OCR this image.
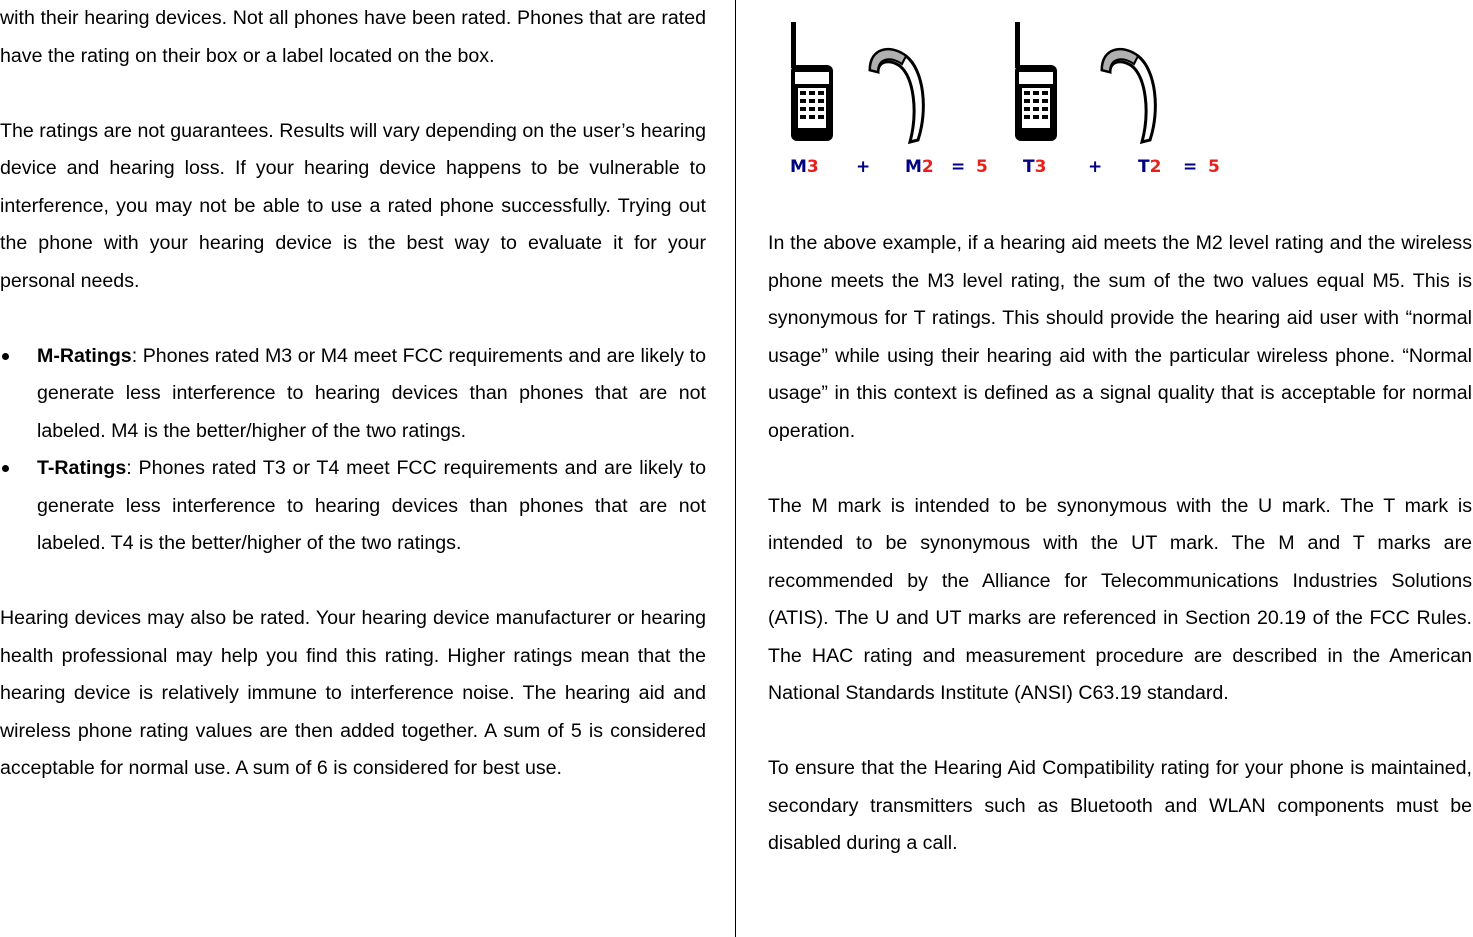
with their hearing devices. Not all phones have been rated. Phones that are rated have the rating on their box or a label located on the box.

The ratings are not guarantees. Results will vary depending on the user’s hearing device and hearing loss. If your hearing device happens to be vulnerable to interference, you may not be able to use a rated phone successfully. Trying out the phone with your hearing device is the best way to evaluate it for your personal needs.

M-Ratings: Phones rated M3 or M4 meet FCC requirements and are likely to generate less interference to hearing devices than phones that are not labeled. M4 is the better/higher of the two ratings.
T-Ratings: Phones rated T3 or T4 meet FCC requirements and are likely to generate less interference to hearing devices than phones that are not labeled. T4 is the better/higher of the two ratings.

Hearing devices may also be rated. Your hearing device manufacturer or hearing health professional may help you find this rating. Higher ratings mean that the hearing device is relatively immune to interference noise. The hearing aid and wireless phone rating values are then added together. A sum of 5 is considered acceptable for normal use. A sum of 6 is considered for best use.

M3 + M2 = 5 T3 + T2 = 5

In the above example, if a hearing aid meets the M2 level rating and the wireless phone meets the M3 level rating, the sum of the two values equal M5. This is synonymous for T ratings. This should provide the hearing aid user with “normal usage” while using their hearing aid with the particular wireless phone. “Normal usage” in this context is defined as a signal quality that is acceptable for normal operation.

The M mark is intended to be synonymous with the U mark. The T mark is intended to be synonymous with the UT mark. The M and T marks are recommended by the Alliance for Telecommunications Industries Solutions (ATIS). The U and UT marks are referenced in Section 20.19 of the FCC Rules. The HAC rating and measurement procedure are described in the American National Standards Institute (ANSI) C63.19 standard.

To ensure that the Hearing Aid Compatibility rating for your phone is maintained, secondary transmitters such as Bluetooth and WLAN components must be disabled during a call.
